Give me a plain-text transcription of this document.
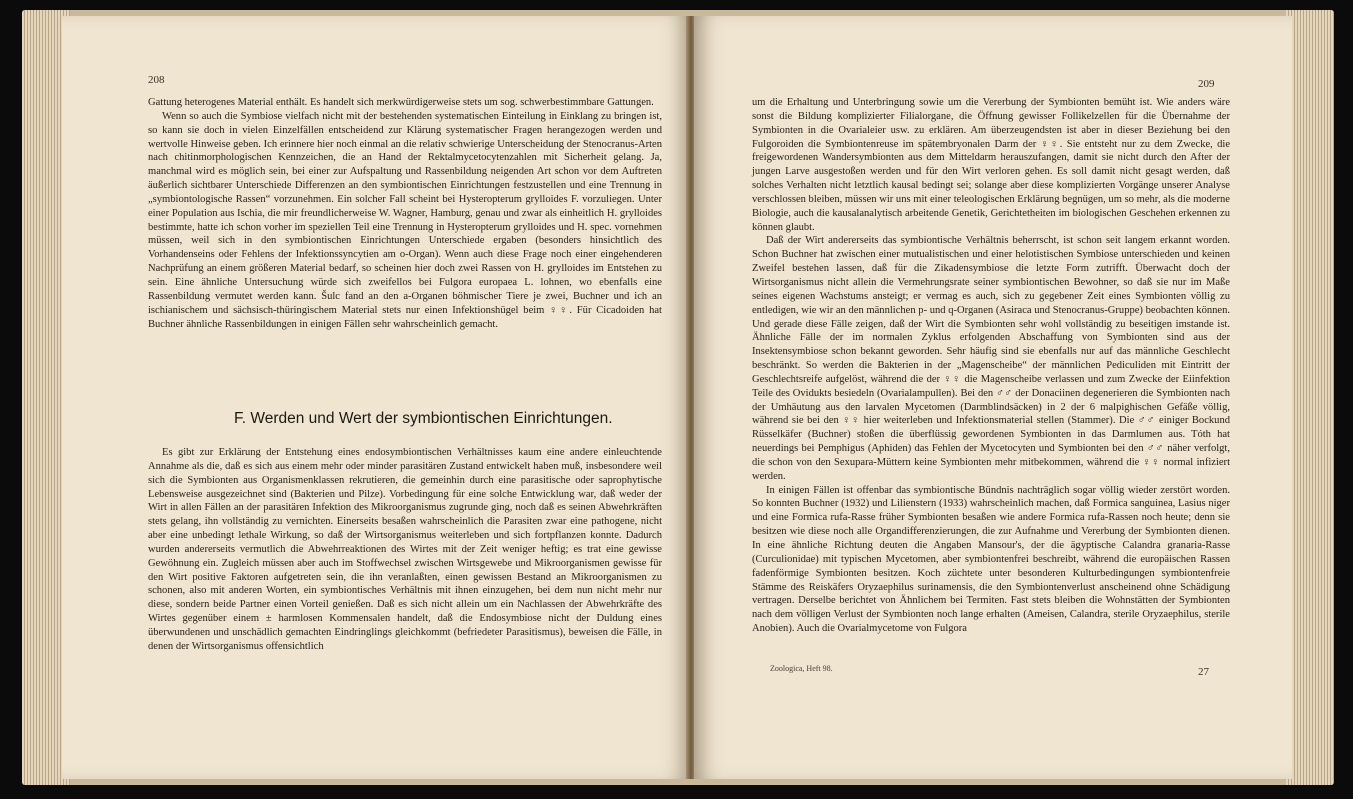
208

Gattung heterogenes Material enthält. Es handelt sich merkwürdigerweise stets um sog. schwerbestimmbare Gattungen.

Wenn so auch die Symbiose vielfach nicht mit der bestehenden systematischen Einteilung in Einklang zu bringen ist, so kann sie doch in vielen Einzelfällen entscheidend zur Klärung systematischer Fragen herangezogen werden und wertvolle Hinweise geben. Ich erinnere hier noch einmal an die relativ schwierige Unterscheidung der Stenocranus-Arten nach chitinmorphologischen Kennzeichen, die an Hand der Rektalmycetocytenzahlen mit Sicherheit gelang. Ja, manchmal wird es möglich sein, bei einer zur Aufspaltung und Rassenbildung neigenden Art schon vor dem Auftreten äußerlich sichtbarer Unterschiede Differenzen an den symbiontischen Einrichtungen festzustellen und eine Trennung in „symbiontologische Rassen“ vorzunehmen. Ein solcher Fall scheint bei Hysteropterum grylloides F. vorzuliegen. Unter einer Population aus Ischia, die mir freundlicherweise W. Wagner, Hamburg, genau und zwar als einheitlich H. grylloides bestimmte, hatte ich schon vorher im speziellen Teil eine Trennung in Hysteropterum grylloides und H. spec. vornehmen müssen, weil sich in den symbiontischen Einrichtungen Unterschiede ergaben (besonders hinsichtlich des Vorhandenseins oder Fehlens der Infektionssyncytien am o-Organ). Wenn auch diese Frage noch einer eingehenderen Nachprüfung an einem größeren Material bedarf, so scheinen hier doch zwei Rassen von H. grylloides im Entstehen zu sein. Eine ähnliche Untersuchung würde sich zweifellos bei Fulgora europaea L. lohnen, wo ebenfalls eine Rassenbildung vermutet werden kann. Šulc fand an den a-Organen böhmischer Tiere je zwei, Buchner und ich an ischianischem und sächsisch-thüringischem Material stets nur einen Infektionshügel beim ♀♀. Für Cicadoiden hat Buchner ähnliche Rassenbildungen in einigen Fällen sehr wahrscheinlich gemacht.

F. Werden und Wert der symbiontischen Einrichtungen.

Es gibt zur Erklärung der Entstehung eines endosymbiontischen Verhältnisses kaum eine andere einleuchtende Annahme als die, daß es sich aus einem mehr oder minder parasitären Zustand entwickelt haben muß, insbesondere weil sich die Symbionten aus Organismenklassen rekrutieren, die gemeinhin durch eine parasitische oder saprophytische Lebensweise ausgezeichnet sind (Bakterien und Pilze). Vorbedingung für eine solche Entwicklung war, daß weder der Wirt in allen Fällen an der parasitären Infektion des Mikroorganismus zugrunde ging, noch daß es seinen Abwehrkräften stets gelang, ihn vollständig zu vernichten. Einerseits besaßen wahrscheinlich die Parasiten zwar eine pathogene, nicht aber eine unbedingt lethale Wirkung, so daß der Wirtsorganismus weiterleben und sich fortpflanzen konnte. Dadurch wurden andererseits vermutlich die Abwehrreaktionen des Wirtes mit der Zeit weniger heftig; es trat eine gewisse Gewöhnung ein. Zugleich müssen aber auch im Stoffwechsel zwischen Wirtsgewebe und Mikroorganismen gewisse für den Wirt positive Faktoren aufgetreten sein, die ihn veranlaßten, einen gewissen Bestand an Mikroorganismen zu schonen, also mit anderen Worten, ein symbiontisches Verhältnis mit ihnen einzugehen, bei dem nun nicht mehr nur diese, sondern beide Partner einen Vorteil genießen. Daß es sich nicht allein um ein Nachlassen der Abwehrkräfte des Wirtes gegenüber einem ± harmlosen Kommensalen handelt, daß die Endosymbiose nicht der Duldung eines überwundenen und unschädlich gemachten Eindringlings gleichkommt (befriedeter Parasitismus), beweisen die Fälle, in denen der Wirtsorganismus offensichtlich

209

um die Erhaltung und Unterbringung sowie um die Vererbung der Symbionten bemüht ist. Wie anders wäre sonst die Bildung komplizierter Filialorgane, die Öffnung gewisser Follikelzellen für die Übernahme der Symbionten in die Ovarialeier usw. zu erklären. Am überzeugendsten ist aber in dieser Beziehung bei den Fulgoroiden die Symbiontenreuse im spätembryonalen Darm der ♀♀. Sie entsteht nur zu dem Zwecke, die freigewordenen Wandersymbionten aus dem Mitteldarm herauszufangen, damit sie nicht durch den After der jungen Larve ausgestoßen werden und für den Wirt verloren gehen. Es soll damit nicht gesagt werden, daß solches Verhalten nicht letztlich kausal bedingt sei; solange aber diese komplizierten Vorgänge unserer Analyse verschlossen bleiben, müssen wir uns mit einer teleologischen Erklärung begnügen, um so mehr, als die moderne Biologie, auch die kausalanalytisch arbeitende Genetik, Gerichtetheiten im biologischen Geschehen erkennen zu können glaubt.

Daß der Wirt andererseits das symbiontische Verhältnis beherrscht, ist schon seit langem erkannt worden. Schon Buchner hat zwischen einer mutualistischen und einer helotistischen Symbiose unterschieden und keinen Zweifel bestehen lassen, daß für die Zikadensymbiose die letzte Form zutrifft. Überwacht doch der Wirtsorganismus nicht allein die Vermehrungsrate seiner symbiontischen Bewohner, so daß sie nur im Maße seines eigenen Wachstums ansteigt; er vermag es auch, sich zu gegebener Zeit eines Symbionten völlig zu entledigen, wie wir an den männlichen p- und q-Organen (Asiraca und Stenocranus-Gruppe) beobachten können. Und gerade diese Fälle zeigen, daß der Wirt die Symbionten sehr wohl vollständig zu beseitigen imstande ist. Ähnliche Fälle der im normalen Zyklus erfolgenden Abschaffung von Symbionten sind aus der Insektensymbiose schon bekannt geworden. Sehr häufig sind sie ebenfalls nur auf das männliche Geschlecht beschränkt. So werden die Bakterien in der „Magenscheibe“ der männlichen Pediculiden mit Eintritt der Geschlechtsreife aufgelöst, während die der ♀♀ die Magenscheibe verlassen und zum Zwecke der Eiinfektion Teile des Ovidukts besiedeln (Ovarialampullen). Bei den ♂♂ der Donaciinen degenerieren die Symbionten nach der Umhäutung aus den larvalen Mycetomen (Darmblindsäcken) in 2 der 6 malpighischen Gefäße völlig, während sie bei den ♀♀ hier weiterleben und Infektionsmaterial stellen (Stammer). Die ♂♂ einiger Bockund Rüsselkäfer (Buchner) stoßen die überflüssig gewordenen Symbionten in das Darmlumen aus. Tóth hat neuerdings bei Pemphigus (Aphiden) das Fehlen der Mycetocyten und Symbionten bei den ♂♂ näher verfolgt, die schon von den Sexupara-Müttern keine Symbionten mehr mitbekommen, während die ♀♀ normal infiziert werden.

In einigen Fällen ist offenbar das symbiontische Bündnis nachträglich sogar völlig wieder zerstört worden. So konnten Buchner (1932) und Lilienstern (1933) wahrscheinlich machen, daß Formica sanguinea, Lasius niger und eine Formica rufa-Rasse früher Symbionten besaßen wie andere Formica rufa-Rassen noch heute; denn sie besitzen wie diese noch alle Organdifferenzierungen, die zur Aufnahme und Vererbung der Symbionten dienen. In eine ähnliche Richtung deuten die Angaben Mansour's, der die ägyptische Calandra granaria-Rasse (Curculionidae) mit typischen Mycetomen, aber symbiontenfrei beschreibt, während die europäischen Rassen fadenförmige Symbionten besitzen. Koch züchtete unter besonderen Kulturbedingungen symbiontenfreie Stämme des Reiskäfers Oryzaephilus surinamensis, die den Symbiontenverlust anscheinend ohne Schädigung vertragen. Derselbe berichtet von Ähnlichem bei Termiten. Fast stets bleiben die Wohnstätten der Symbionten nach dem völligen Verlust der Symbionten noch lange erhalten (Ameisen, Calandra, sterile Oryzaephilus, sterile Anobien). Auch die Ovarialmycetome von Fulgora

Zoologica, Heft 98.	27
